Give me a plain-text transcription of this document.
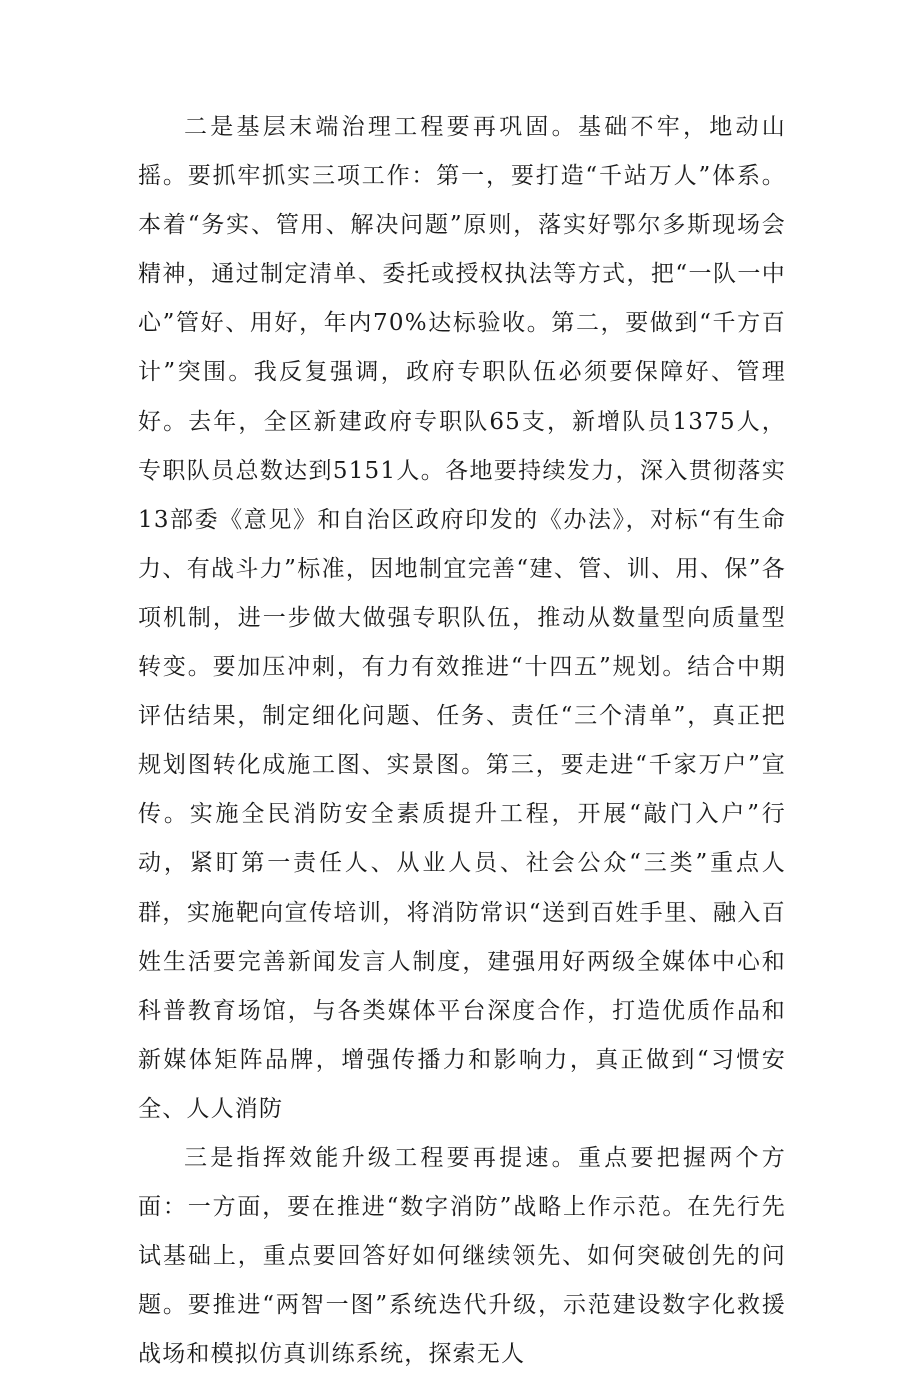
二是基层末端治理工程要再巩固。基础不牢，地动山摇。要抓牢抓实三项工作：第一，要打造“千站万人”体系。本着“务实、管用、解决问题”原则，落实好鄂尔多斯现场会精神，通过制定清单、委托或授权执法等方式，把“一队一中心”管好、用好，年内70%达标验收。第二，要做到“千方百计”突围。我反复强调，政府专职队伍必须要保障好、管理好。去年，全区新建政府专职队65支，新增队员1375人，专职队员总数达到5151人。各地要持续发力，深入贯彻落实13部委《意见》和自治区政府印发的《办法》，对标“有生命力、有战斗力”标准，因地制宜完善“建、管、训、用、保”各项机制，进一步做大做强专职队伍，推动从数量型向质量型转变。要加压冲刺，有力有效推进“十四五”规划。结合中期评估结果，制定细化问题、任务、责任“三个清单”，真正把规划图转化成施工图、实景图。第三，要走进“千家万户”宣传。实施全民消防安全素质提升工程，开展“敲门入户”行动，紧盯第一责任人、从业人员、社会公众“三类”重点人群，实施靶向宣传培训，将消防常识“送到百姓手里、融入百姓生活要完善新闻发言人制度，建强用好两级全媒体中心和科普教育场馆，与各类媒体平台深度合作，打造优质作品和新媒体矩阵品牌，增强传播力和影响力，真正做到“习惯安全、人人消防

三是指挥效能升级工程要再提速。重点要把握两个方面：一方面，要在推进“数字消防”战略上作示范。在先行先试基础上，重点要回答好如何继续领先、如何突破创先的问题。要推进“两智一图”系统迭代升级，示范建设数字化救援战场和模拟仿真训练系统，探索无人
